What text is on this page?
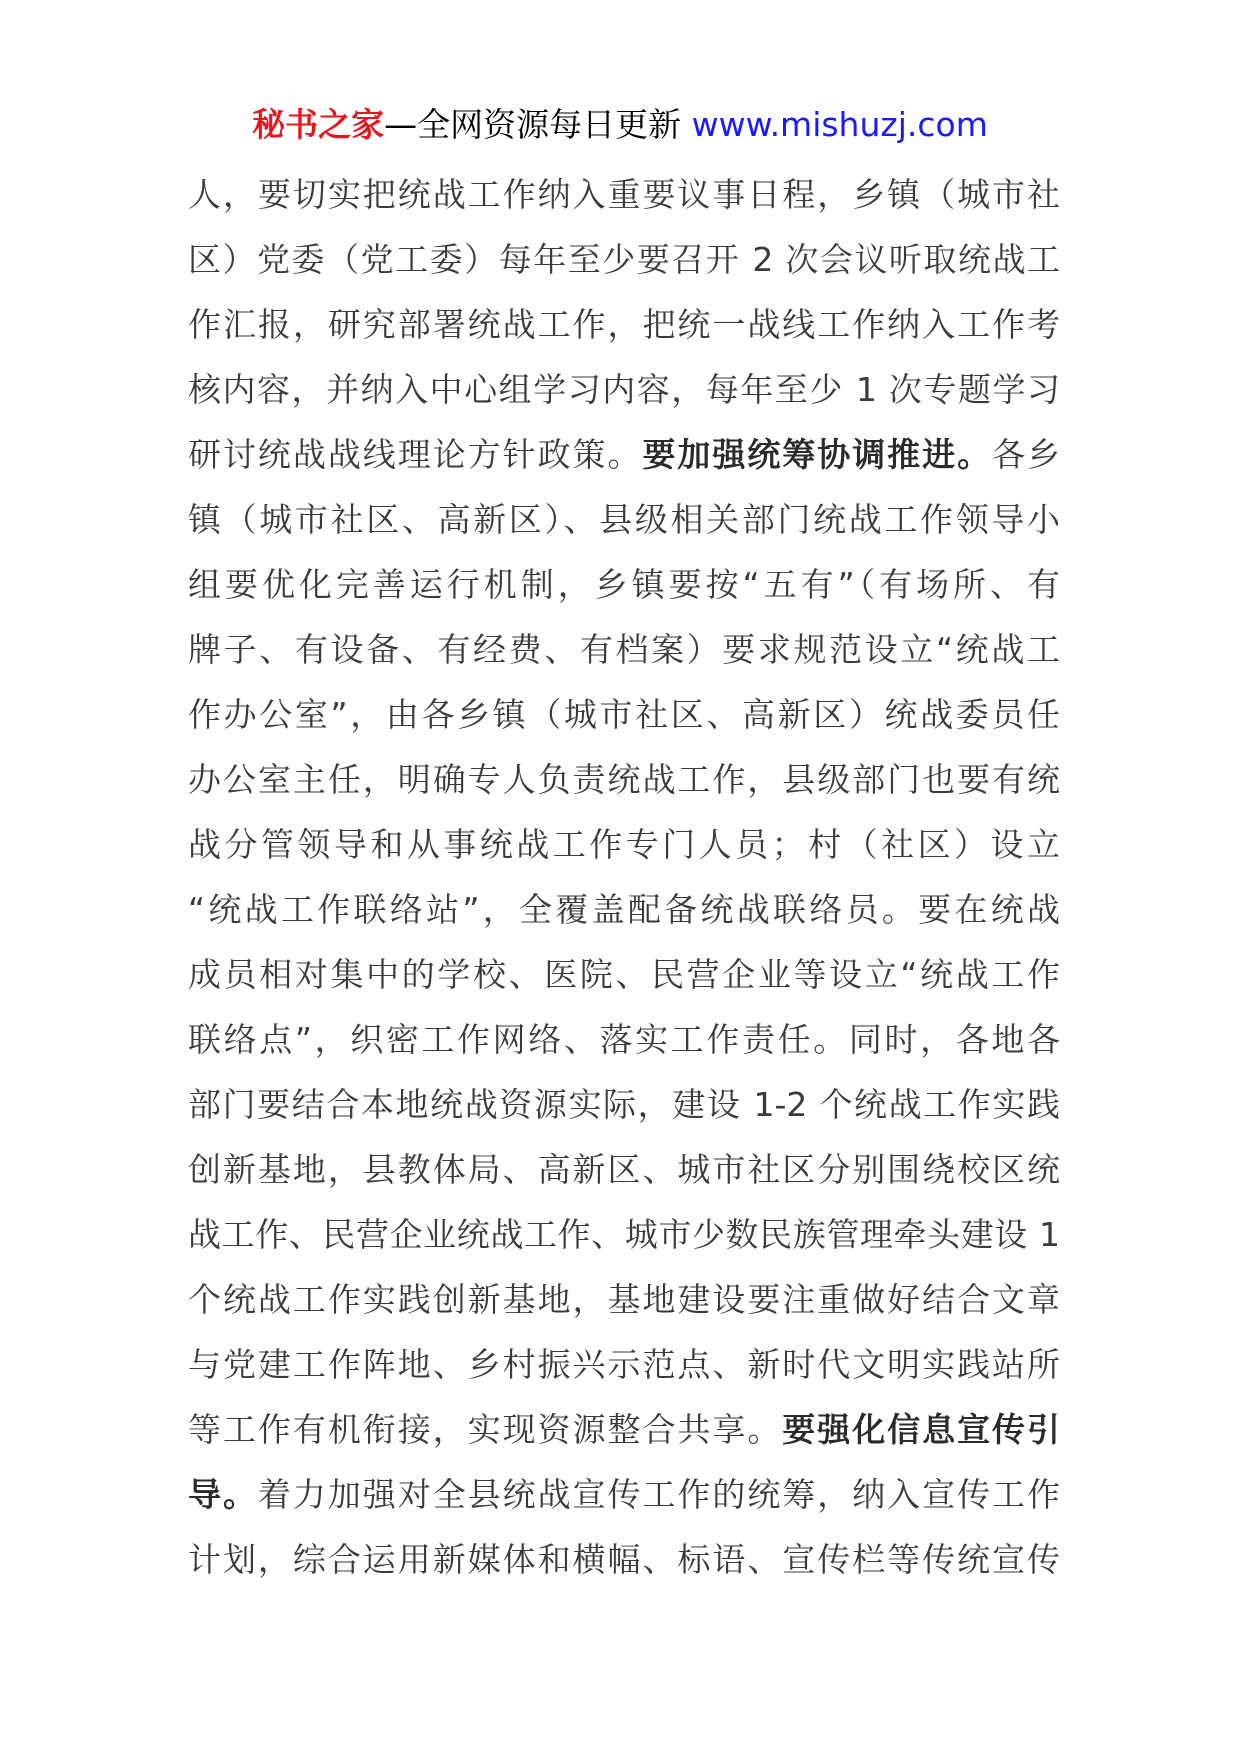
秘书之家—全网资源每日更新 www.mishuzj.com
人，要切实把统战工作纳入重要议事日程，乡镇（城市社
区）党委（党工委）每年至少要召开 2 次会议听取统战工
作汇报，研究部署统战工作，把统一战线工作纳入工作考
核内容，并纳入中心组学习内容，每年至少 1 次专题学习
研讨统战战线理论方针政策。要加强统筹协调推进。各乡
镇（城市社区、高新区）、县级相关部门统战工作领导小
组要优化完善运行机制，乡镇要按“五有”（有场所、有
牌子、有设备、有经费、有档案）要求规范设立“统战工
作办公室”，由各乡镇（城市社区、高新区）统战委员任
办公室主任，明确专人负责统战工作，县级部门也要有统
战分管领导和从事统战工作专门人员；村（社区）设立
“统战工作联络站”，全覆盖配备统战联络员。要在统战
成员相对集中的学校、医院、民营企业等设立“统战工作
联络点”，织密工作网络、落实工作责任。同时，各地各
部门要结合本地统战资源实际，建设 1-2 个统战工作实践
创新基地，县教体局、高新区、城市社区分别围绕校区统
战工作、民营企业统战工作、城市少数民族管理牵头建设 1
个统战工作实践创新基地，基地建设要注重做好结合文章
与党建工作阵地、乡村振兴示范点、新时代文明实践站所
等工作有机衔接，实现资源整合共享。要强化信息宣传引
导。着力加强对全县统战宣传工作的统筹，纳入宣传工作
计划，综合运用新媒体和横幅、标语、宣传栏等传统宣传
